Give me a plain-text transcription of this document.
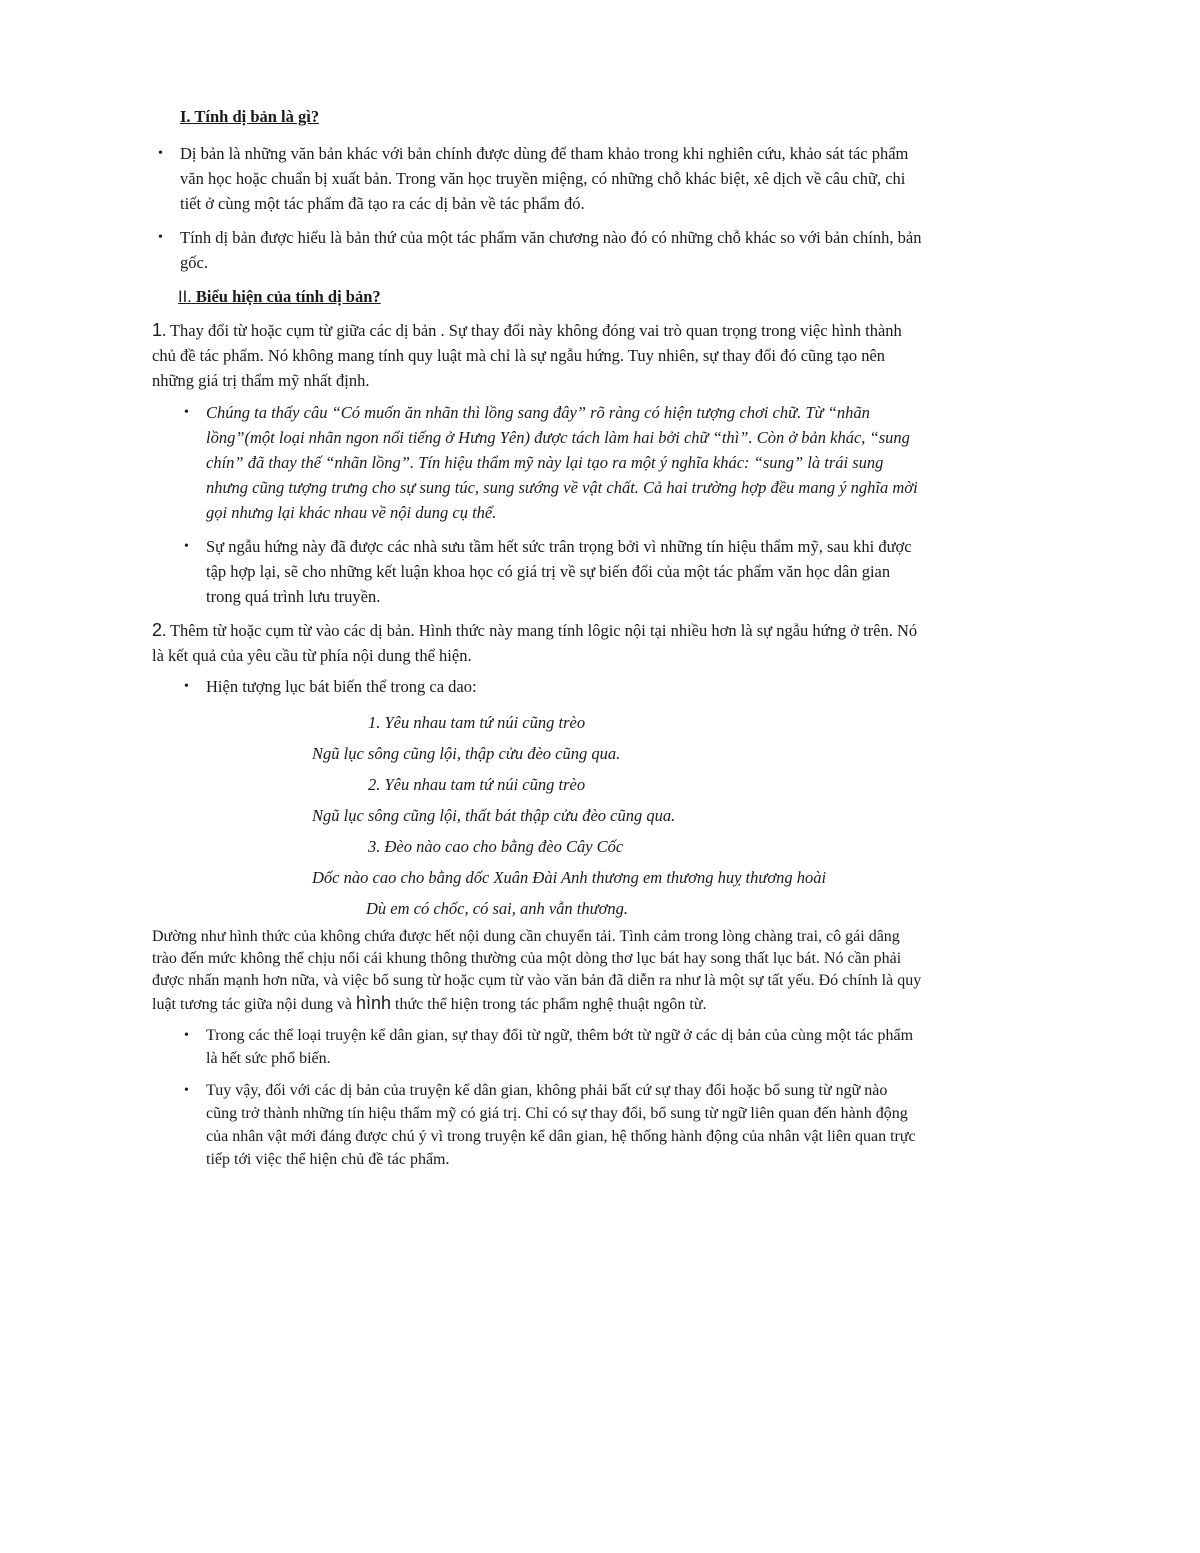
I. Tính dị bản là gì?

• Dị bản là những văn bản khác với bản chính được dùng để tham khảo trong khi nghiên cứu, khảo sát tác phẩm văn học hoặc chuẩn bị xuất bản. Trong văn học truyền miệng, có những chỗ khác biệt, xê dịch về câu chữ, chi tiết ở cùng một tác phẩm đã tạo ra các dị bản về tác phẩm đó.
• Tính dị bản được hiểu là bản thứ của một tác phẩm văn chương nào đó có những chỗ khác so với bản chính, bản gốc.

II. Biểu hiện của tính dị bản?

1. Thay đổi từ hoặc cụm từ giữa các dị bản . Sự thay đổi này không đóng vai trò quan trọng trong việc hình thành chủ đề tác phẩm. Nó không mang tính quy luật mà chỉ là sự ngẫu hứng. Tuy nhiên, sự thay đổi đó cũng tạo nên những giá trị thẩm mỹ nhất định.

• Chúng ta thấy câu “Có muốn ăn nhãn thì lồng sang đây” rõ ràng có hiện tượng chơi chữ. Từ “nhãn lồng”(một loại nhãn ngon nổi tiếng ở Hưng Yên) được tách làm hai bởi chữ “thì”. Còn ở bản khác, “sung chín” đã thay thế “nhãn lồng”. Tín hiệu thẩm mỹ này lại tạo ra một ý nghĩa khác: “sung” là trái sung nhưng cũng tượng trưng cho sự sung túc, sung sướng về vật chất. Cả hai trường hợp đều mang ý nghĩa mời gọi nhưng lại khác nhau về nội dung cụ thể.
• Sự ngẫu hứng này đã được các nhà sưu tầm hết sức trân trọng bởi vì những tín hiệu thẩm mỹ, sau khi được tập hợp lại, sẽ cho những kết luận khoa học có giá trị về sự biến đổi của một tác phẩm văn học dân gian trong quá trình lưu truyền.

2. Thêm từ hoặc cụm từ vào các dị bản. Hình thức này mang tính lôgic nội tại nhiều hơn là sự ngẫu hứng ở trên. Nó là kết quả của yêu cầu từ phía nội dung thể hiện.

• Hiện tượng lục bát biến thể trong ca dao:
1. Yêu nhau tam tứ núi cũng trèo
Ngũ lục sông cũng lội, thập cửu đèo cũng qua.
2. Yêu nhau tam tứ núi cũng trèo
Ngũ lục sông cũng lội, thất bát thập cửu đèo cũng qua.
3. Đèo nào cao cho bằng đèo Cây Cốc
Dốc nào cao cho bằng dốc Xuân Đài Anh thương em thương huỵ thương hoài
Dù em có chốc, có sai, anh vẫn thương.

Dường như hình thức của không chứa được hết nội dung cần chuyển tải. Tình cảm trong lòng chàng trai, cô gái dâng trào đến mức không thể chịu nổi cái khung thông thường của một dòng thơ lục bát hay song thất lục bát. Nó cần phải được nhấn mạnh hơn nữa, và việc bổ sung từ hoặc cụm từ vào văn bản đã diễn ra như là một sự tất yếu. Đó chính là quy luật tương tác giữa nội dung và hình thức thể hiện trong tác phẩm nghệ thuật ngôn từ.

• Trong các thể loại truyện kể dân gian, sự thay đổi từ ngữ, thêm bớt từ ngữ ở các dị bản của cùng một tác phẩm là hết sức phổ biến.
• Tuy vậy, đối với các dị bản của truyện kể dân gian, không phải bất cứ sự thay đổi hoặc bổ sung từ ngữ nào cũng trở thành những tín hiệu thẩm mỹ có giá trị. Chỉ có sự thay đổi, bổ sung từ ngữ liên quan đến hành động của nhân vật mới đáng được chú ý vì trong truyện kể dân gian, hệ thống hành động của nhân vật liên quan trực tiếp tới việc thể hiện chủ đề tác phẩm.
